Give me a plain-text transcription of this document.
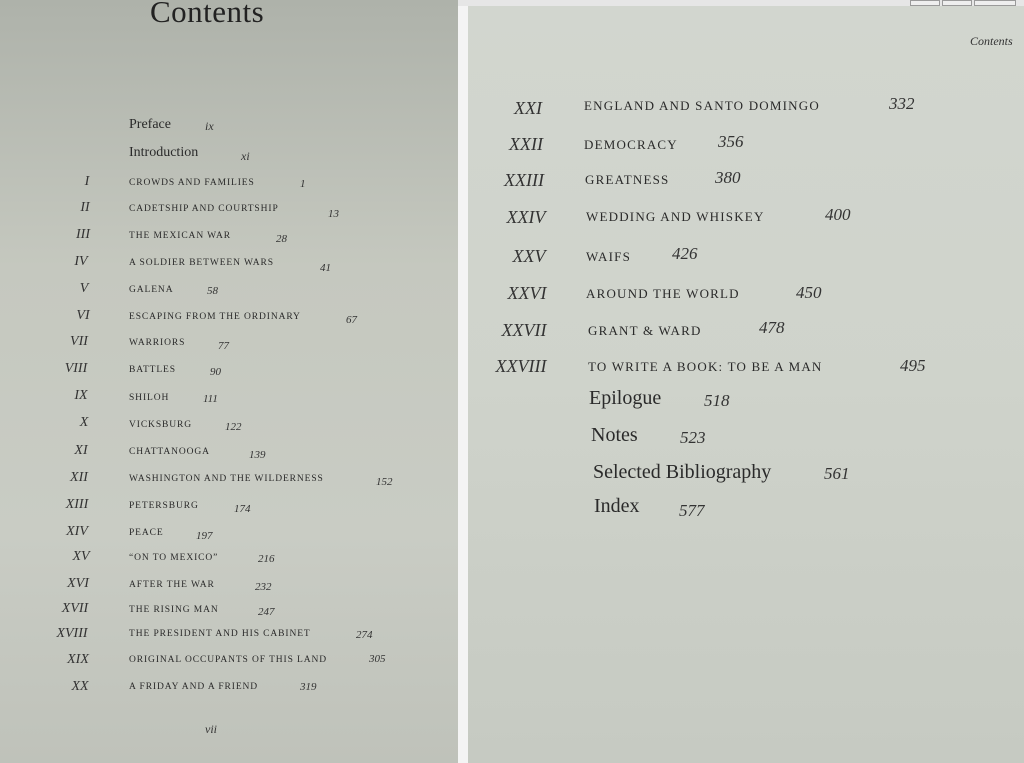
Contents
Preface	ix
Introduction	xi
I	CROWDS AND FAMILIES	1
II	CADETSHIP AND COURTSHIP	13
III	THE MEXICAN WAR	28
IV	A SOLDIER BETWEEN WARS	41
V	GALENA	58
VI	ESCAPING FROM THE ORDINARY	67
VII	WARRIORS	77
VIII	BATTLES	90
IX	SHILOH	111
X	VICKSBURG	122
XI	CHATTANOOGA	139
XII	WASHINGTON AND THE WILDERNESS	152
XIII	PETERSBURG	174
XIV	PEACE	197
XV	“ON TO MEXICO”	216
XVI	AFTER THE WAR	232
XVII	THE RISING MAN	247
XVIII	THE PRESIDENT AND HIS CABINET	274
XIX	ORIGINAL OCCUPANTS OF THIS LAND	305
XX	A FRIDAY AND A FRIEND	319
vii
Contents
XXI	ENGLAND AND SANTO DOMINGO	332
XXII	DEMOCRACY 356
XXIII	GREATNESS	380
XXIV	WEDDING AND WHISKEY	400
XXV	WAIFS 426
XXVI	AROUND THE WORLD	450
XXVII	GRANT & WARD	478
XXVIII	TO WRITE A BOOK: TO BE A MAN	495
Epilogue	518
Notes 523
Selected Bibliography	561
Index 577
